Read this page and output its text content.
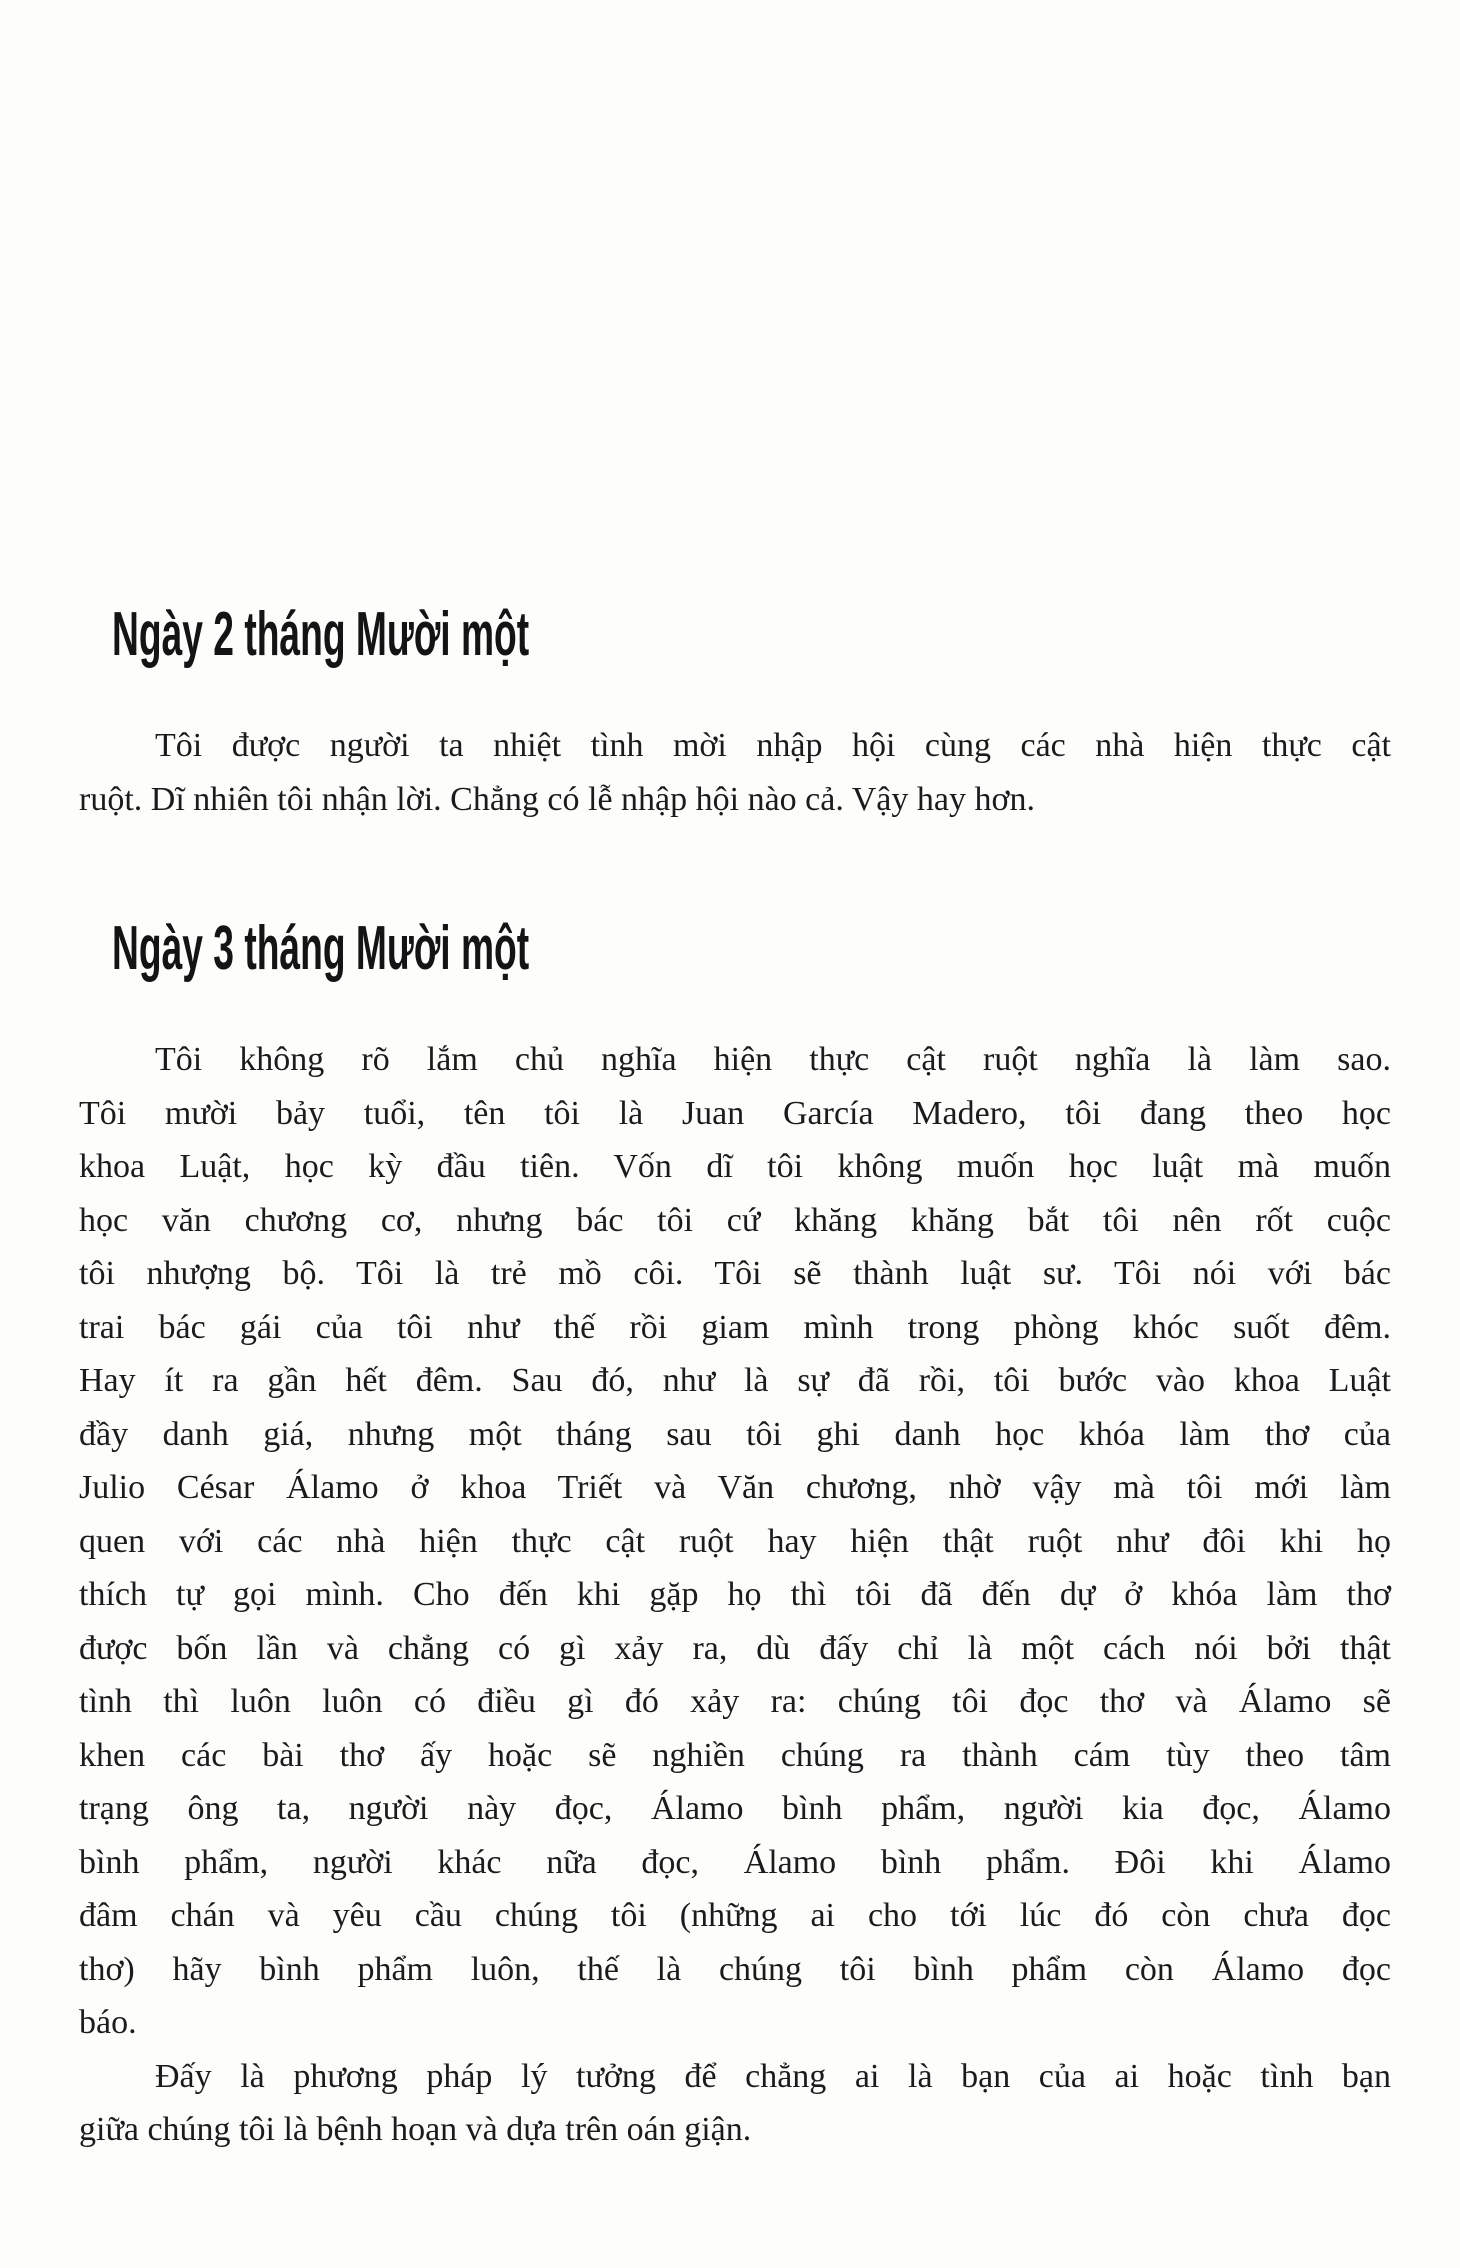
Ngày 2 tháng Mười một
Tôi được người ta nhiệt tình mời nhập hội cùng các nhà hiện thực cật
ruột. Dĩ nhiên tôi nhận lời. Chẳng có lễ nhập hội nào cả. Vậy hay hơn.
Ngày 3 tháng Mười một
Tôi không rõ lắm chủ nghĩa hiện thực cật ruột nghĩa là làm sao.
Tôi mười bảy tuổi, tên tôi là Juan García Madero, tôi đang theo học
khoa Luật, học kỳ đầu tiên. Vốn dĩ tôi không muốn học luật mà muốn
học văn chương cơ, nhưng bác tôi cứ khăng khăng bắt tôi nên rốt cuộc
tôi nhượng bộ. Tôi là trẻ mồ côi. Tôi sẽ thành luật sư. Tôi nói với bác
trai bác gái của tôi như thế rồi giam mình trong phòng khóc suốt đêm.
Hay ít ra gần hết đêm. Sau đó, như là sự đã rồi, tôi bước vào khoa Luật
đầy danh giá, nhưng một tháng sau tôi ghi danh học khóa làm thơ của
Julio César Álamo ở khoa Triết và Văn chương, nhờ vậy mà tôi mới làm
quen với các nhà hiện thực cật ruột hay hiện thật ruột như đôi khi họ
thích tự gọi mình. Cho đến khi gặp họ thì tôi đã đến dự ở khóa làm thơ
được bốn lần và chẳng có gì xảy ra, dù đấy chỉ là một cách nói bởi thật
tình thì luôn luôn có điều gì đó xảy ra: chúng tôi đọc thơ và Álamo sẽ
khen các bài thơ ấy hoặc sẽ nghiền chúng ra thành cám tùy theo tâm
trạng ông ta, người này đọc, Álamo bình phẩm, người kia đọc, Álamo
bình phẩm, người khác nữa đọc, Álamo bình phẩm. Đôi khi Álamo
đâm chán và yêu cầu chúng tôi (những ai cho tới lúc đó còn chưa đọc
thơ) hãy bình phẩm luôn, thế là chúng tôi bình phẩm còn Álamo đọc
báo.
Đấy là phương pháp lý tưởng để chẳng ai là bạn của ai hoặc tình bạn
giữa chúng tôi là bệnh hoạn và dựa trên oán giận.
